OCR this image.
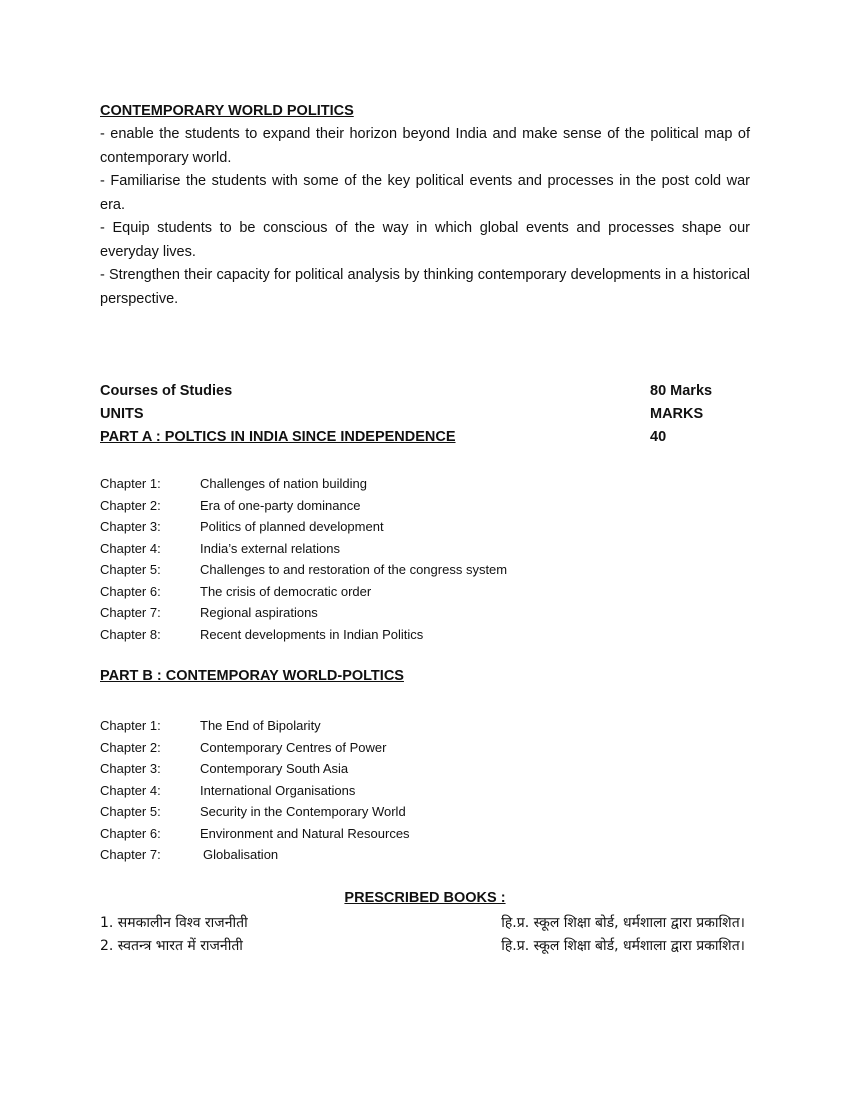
CONTEMPORARY WORLD POLITICS

- enable the students to expand their horizon beyond India and make sense of the political map of contemporary world.

- Familiarise the students with some of the key political events and processes in the post cold war era.

- Equip students to be conscious of the way in which global events and processes shape our everyday lives.

- Strengthen their capacity for political analysis by thinking contemporary developments in a historical perspective.

Courses of Studies	80 Marks
UNITS	MARKS
PART A : POLTICS IN INDIA SINCE INDEPENDENCE	40
Chapter 1:	Challenges of nation building
Chapter 2:	Era of one-party dominance
Chapter 3:	Politics of planned development
Chapter 4:	India’s external relations
Chapter 5:	Challenges to and restoration of the congress system
Chapter 6:	The crisis of democratic order
Chapter 7:	Regional aspirations
Chapter 8:	Recent developments in Indian Politics
PART B : CONTEMPORAY WORLD-POLTICS
Chapter 1:	The End of Bipolarity
Chapter 2:	Contemporary Centres of Power
Chapter 3:	Contemporary South Asia
Chapter 4:	International Organisations
Chapter 5:	Security in the Contemporary World
Chapter 6:	Environment and Natural Resources
Chapter 7:	Globalisation
PRESCRIBED BOOKS :
1. समकालीन विश्व राजनीती	हि.प्र. स्कूल शिक्षा बोर्ड, धर्मशाला द्वारा प्रकाशित।
2. स्वतन्त्र भारत में राजनीती	हि.प्र. स्कूल शिक्षा बोर्ड, धर्मशाला द्वारा प्रकाशित।
